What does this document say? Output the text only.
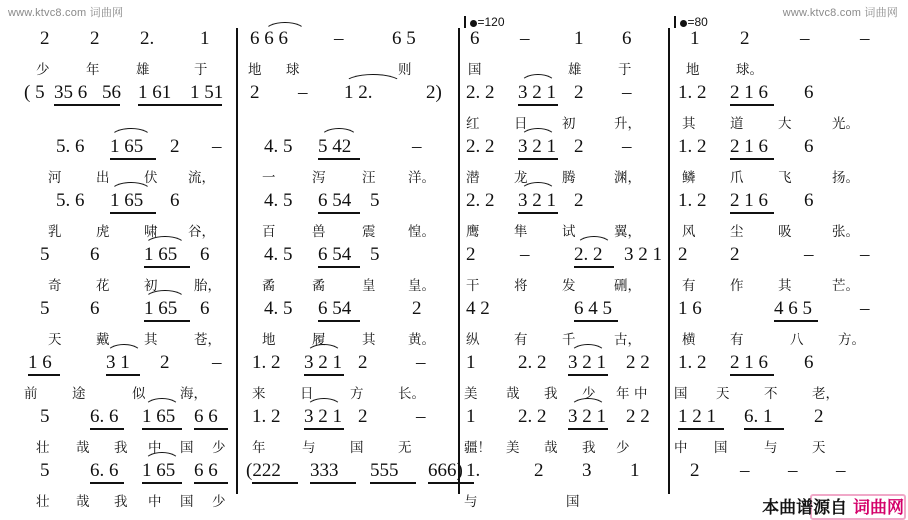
www.ktvc8.com 词曲网	www.ktvc8.com 词曲网
=120	=80
2 2 2. 1 6 6 6 –	6 5	6 – 1 6	1 2	–	–
少	年	雄	于	地 球	则	国	雄	于	地	球。
( 5 35 6 56 1 61 1 51 2 – 1 2.	2) 2. 2 3 2 1 2 – 1. 2 2 1 6 6
红	日	初	升，	其	道	大	光。
5. 6 1 65 2 – 4. 5 5 42	– 2. 2 3 2 1 2 – 1. 2 2 1 6 6
河	出	伏 流，	一	泻	汪 洋。 潜	龙	腾	渊，	鳞	爪	飞	扬。
5. 6 1 65 6	4. 5 6 54 5	2. 2 3 2 1 2	1. 2 2 1 6 6
乳	虎	啸 谷，	百	兽	震 惶。 鹰	隼	试	翼，	风	尘	吸	张。
5 6 1 65 6	4. 5 6 54 5	2 – 2. 2 3 2 1 2 2	– –
奇	花	初	胎，	矞	矞	皇 皇。 干	将	发	硎，	有	作	其	芒。
5 6 1 65 6	4. 5 6 54	2 4 2	6 4 5	1 6	4 6 5	–
天	戴	其	苍，	地	履	其 黄。 纵	有	千	古，	横	有	八	方。
1 6	3 1 2 – 1. 2 3 2 1 2	– 1 2. 2 3 2 1 2 2 1. 2 2 1 6 6
前	途	似	海，	来	日	方	长。	美 哉 我 少 年 中 国 天	不	老，
5 6. 6 1 65 6 6 1. 2 3 2 1 2	– 1 2. 2 3 2 1 2 2 1 2 1 6. 1 2
壮 哉 我 中 国 少 年	与	国	无	疆！ 美 哉 我 少	中 国	与	天
5 6. 6 1 65 6 6 (222 333 555 666) 1.	2 3 1	2 – – –
壮 哉 我 中 国 少	与	国	本曲谱源自 词曲网
